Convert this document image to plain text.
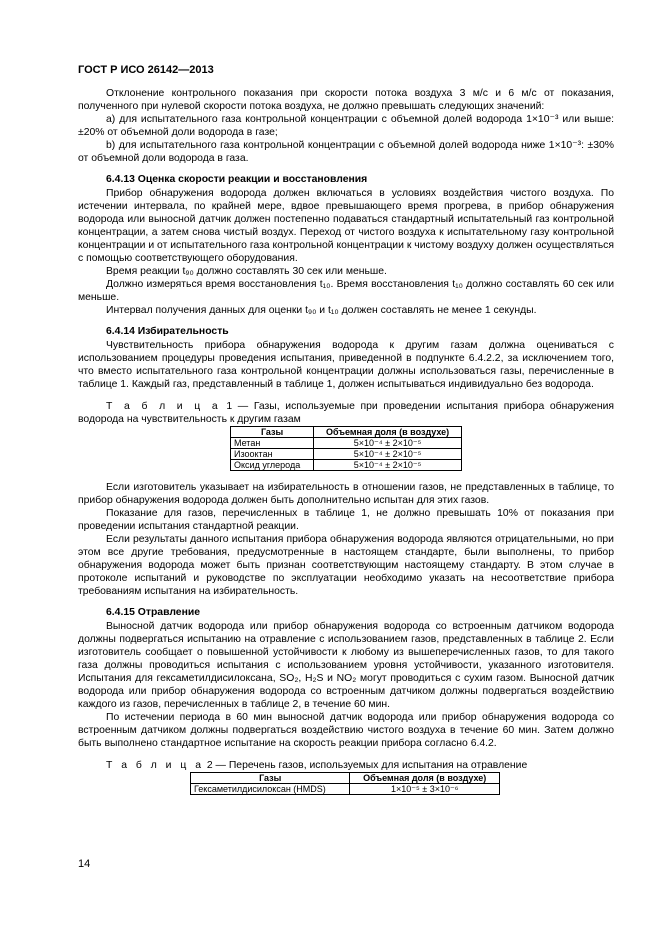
ГОСТ Р ИСО 26142—2013

Отклонение контрольного показания при скорости потока воздуха 3 м/с и 6 м/с от показания, полученного при нулевой скорости потока воздуха, не должно превышать следующих значений:

a) для испытательного газа контрольной концентрации с объемной долей водорода 1×10⁻³ или выше: ±20% от объемной доли водорода в газе;

b) для испытательного газа контрольной концентрации с объемной долей водорода ниже 1×10⁻³: ±30% от объемной доли водорода в газа.

6.4.13 Оценка скорости реакции и восстановления

Прибор обнаружения водорода должен включаться в условиях воздействия чистого воздуха. По истечении интервала, по крайней мере, вдвое превышающего время прогрева, в прибор обнаружения водорода или выносной датчик должен постепенно подаваться стандартный испытательный газ контрольной концентрации, а затем снова чистый воздух. Переход от чистого воздуха к испытательному газу контрольной концентрации и от испытательного газа контрольной концентрации к чистому воздуху должен осуществляться с помощью соответствующего оборудования.

Время реакции t₉₀ должно составлять 30 сек или меньше.

Должно измеряться время восстановления t₁₀. Время восстановления t₁₀ должно составлять 60 сек или меньше.

Интервал получения данных для оценки t₉₀ и t₁₀ должен составлять не менее 1 секунды.

6.4.14 Избирательность

Чувствительность прибора обнаружения водорода к другим газам должна оцениваться с использованием процедуры проведения испытания, приведенной в подпункте 6.4.2.2, за исключением того, что вместо испытательного газа контрольной концентрации должны использоваться газы, перечисленные в таблице 1. Каждый газ, представленный в таблице 1, должен испытываться индивидуально без водорода.

Т а б л и ц а 1 — Газы, используемые при проведении испытания прибора обнаружения водорода на чувствительность к другим газам

Газы	Объемная доля (в воздухе)
Метан	5×10⁻⁴ ± 2×10⁻⁵
Изооктан	5×10⁻⁴ ± 2×10⁻⁵
Оксид углерода	5×10⁻⁴ ± 2×10⁻⁵

Если изготовитель указывает на избирательность в отношении газов, не представленных в таблице, то прибор обнаружения водорода должен быть дополнительно испытан для этих газов.

Показание для газов, перечисленных в таблице 1, не должно превышать 10% от показания при проведении испытания стандартной реакции.

Если результаты данного испытания прибора обнаружения водорода являются отрицательными, но при этом все другие требования, предусмотренные в настоящем стандарте, были выполнены, то прибор обнаружения водорода может быть признан соответствующим настоящему стандарту. В этом случае в протоколе испытаний и руководстве по эксплуатации необходимо указать на несоответствие прибора требованиям испытания на избирательность.

6.4.15 Отравление

Выносной датчик водорода или прибор обнаружения водорода со встроенным датчиком водорода должны подвергаться испытанию на отравление с использованием газов, представленных в таблице 2. Если изготовитель сообщает о повышенной устойчивости к любому из вышеперечисленных газов, то для такого газа должны проводиться испытания с использованием уровня устойчивости, указанного изготовителя. Испытания для гексаметилдисилоксана, SO₂, H₂S и NO₂ могут проводиться с сухим газом. Выносной датчик водорода или прибор обнаружения водорода со встроенным датчиком должны подвергаться воздействию каждого из газов, перечисленных в таблице 2, в течение 60 мин.

По истечении периода в 60 мин выносной датчик водорода или прибор обнаружения водорода со встроенным датчиком должны подвергаться воздействию чистого воздуха в течение 60 мин. Затем должно быть выполнено стандартное испытание на скорость реакции прибора согласно 6.4.2.

Т а б л и ц а 2 — Перечень газов, используемых для испытания на отравление

Газы	Объемная доля (в воздухе)
Гексаметилдисилоксан (HMDS)	1×10⁻⁵ ± 3×10⁻⁶
14
